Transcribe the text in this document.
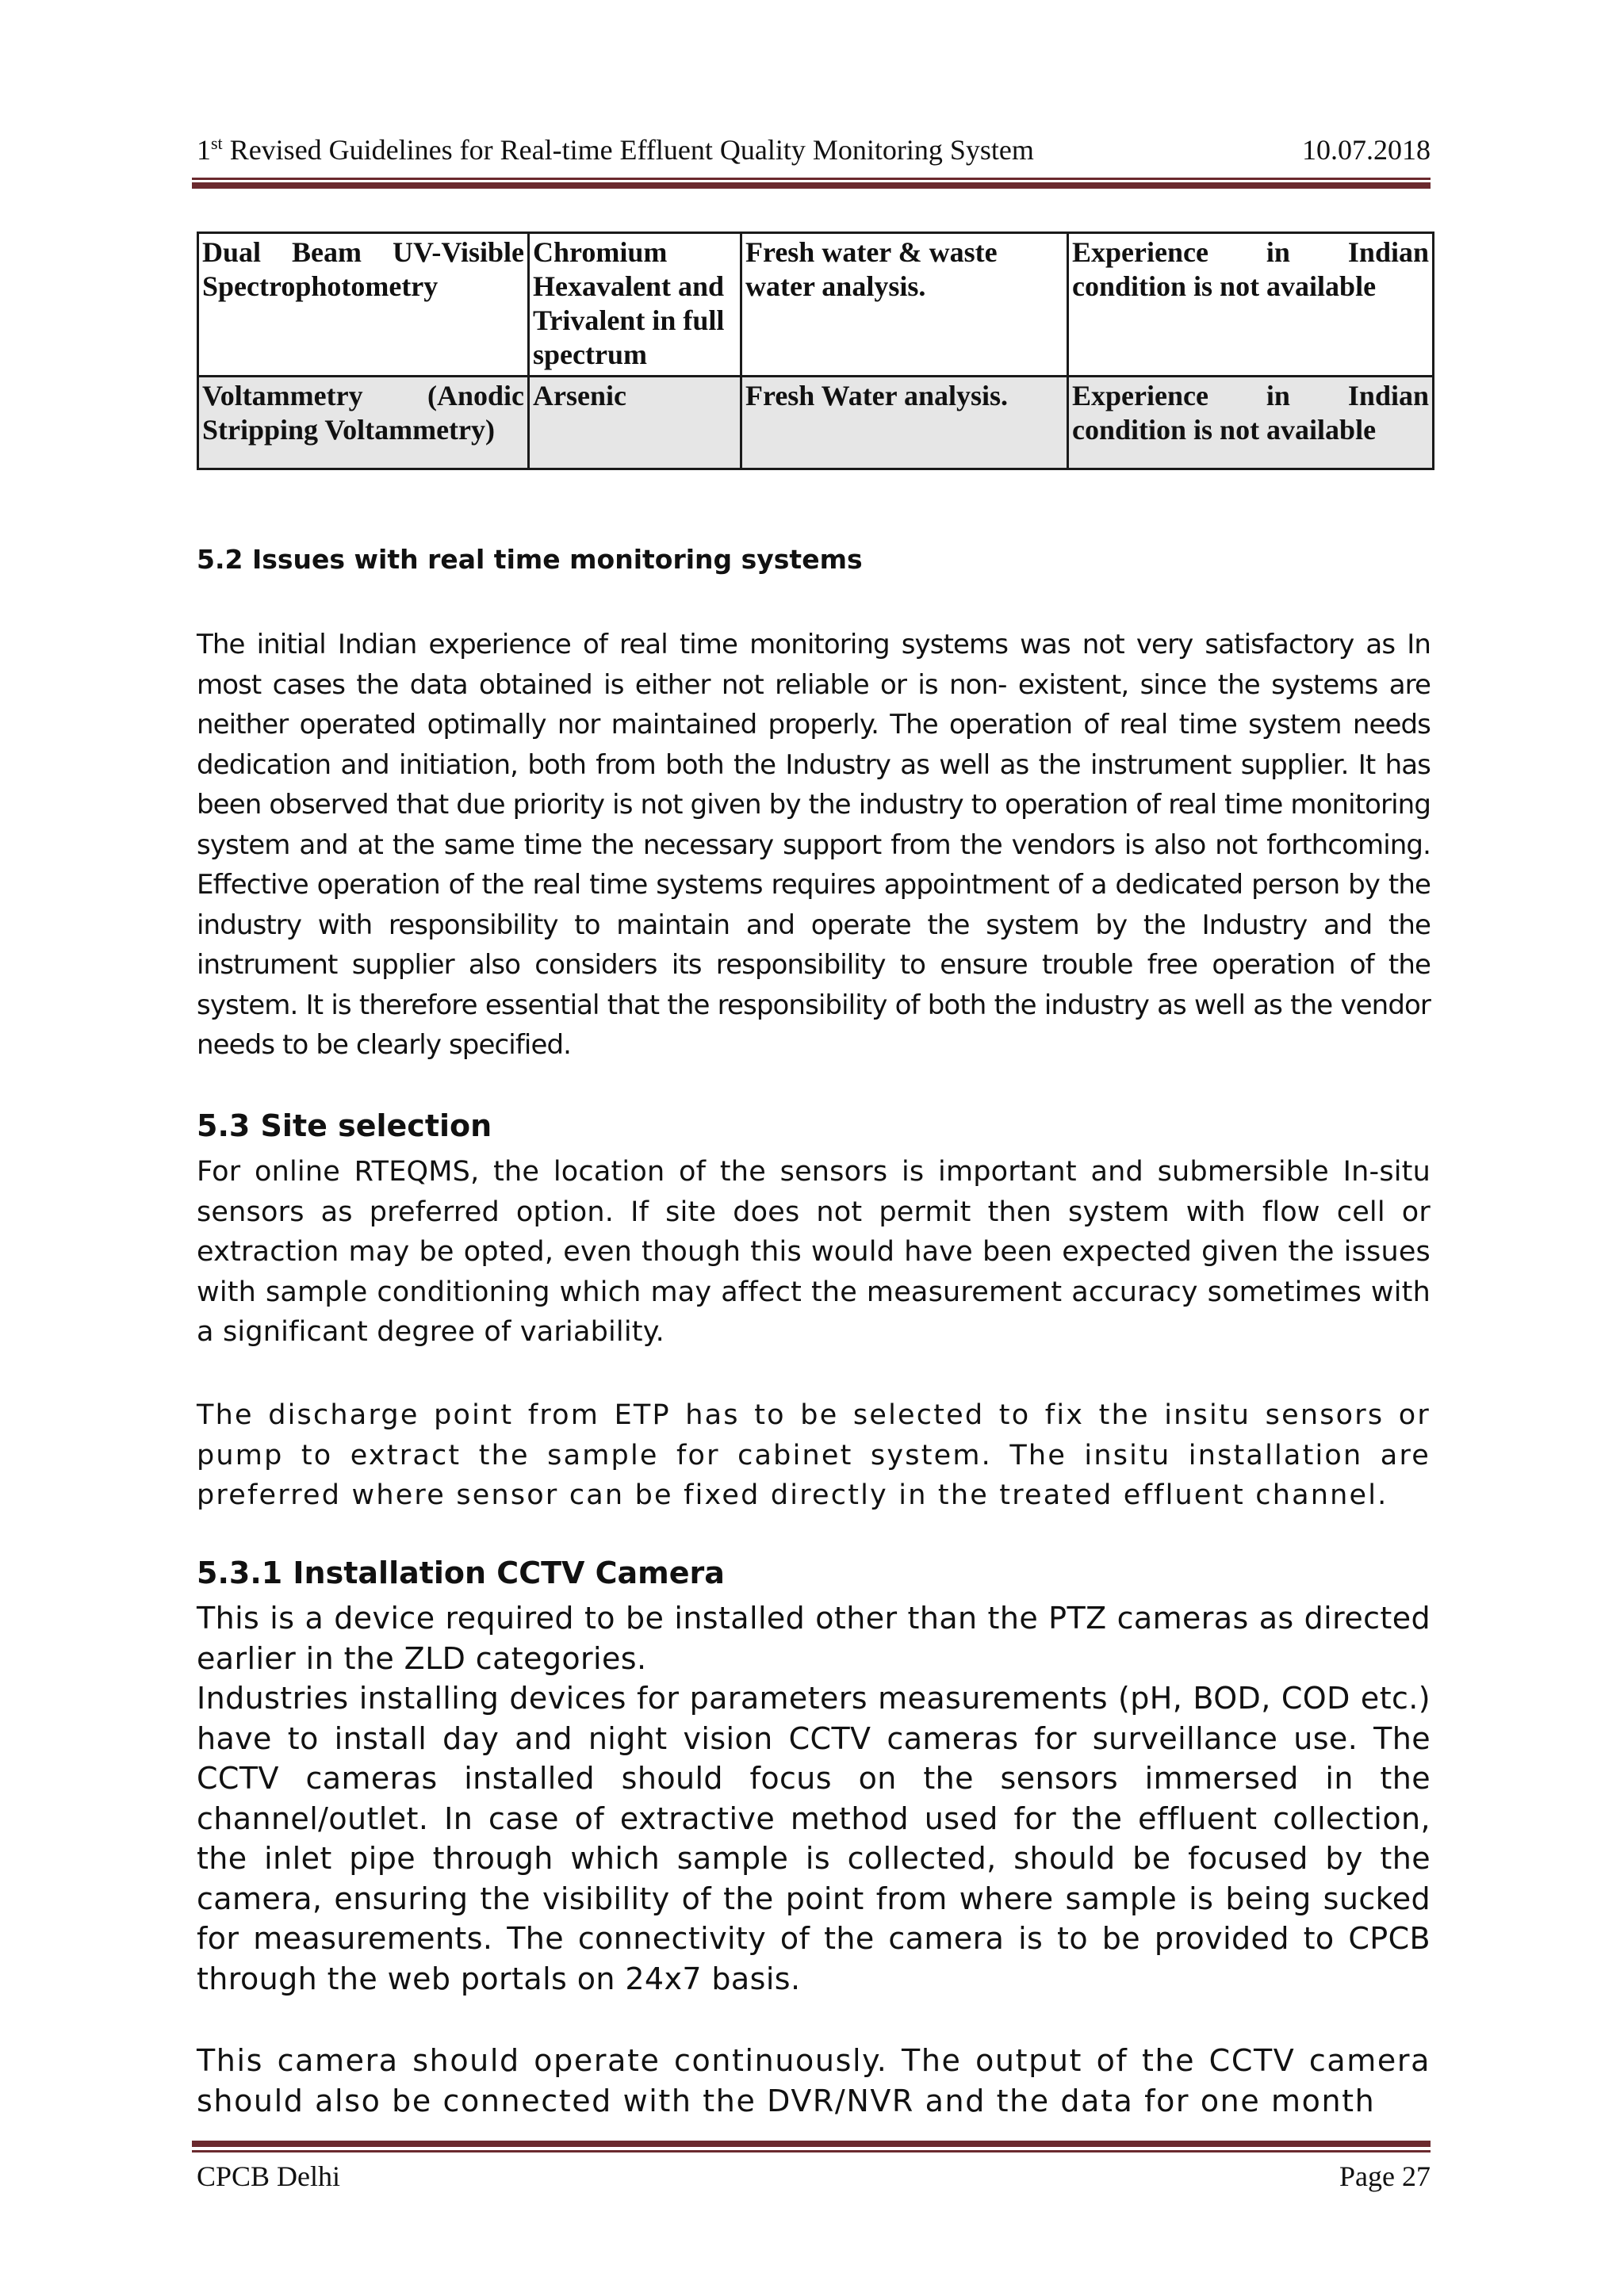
1st Revised Guidelines for Real-time Effluent Quality Monitoring System	10.07.2018
Dual Beam UV-Visible Spectrophotometry	Chromium Hexavalent and Trivalent in full spectrum	Fresh water & waste water analysis.	Experience in Indian condition is not available
Voltammetry (Anodic Stripping Voltammetry)	Arsenic	Fresh Water analysis.	Experience in Indian condition is not available
5.2 Issues with real time monitoring systems

The initial Indian experience of real time monitoring systems was not very satisfactory as In most cases the data obtained is either not reliable or is non- existent, since the systems are neither operated optimally nor maintained properly. The operation of real time system needs dedication and initiation, both from both the Industry as well as the instrument supplier. It has been observed that due priority is not given by the industry to operation of real time monitoring system and at the same time the necessary support from the vendors is also not forthcoming. Effective operation of the real time systems requires appointment of a dedicated person by the industry with responsibility to maintain and operate the system by the Industry and the instrument supplier also considers its responsibility to ensure trouble free operation of the system. It is therefore essential that the responsibility of both the industry as well as the vendor needs to be clearly specified.

5.3 Site selection

For online RTEQMS, the location of the sensors is important and submersible In-situ sensors as preferred option. If site does not permit then system with flow cell or extraction may be opted, even though this would have been expected given the issues with sample conditioning which may affect the measurement accuracy sometimes with a significant degree of variability.

The discharge point from ETP has to be selected to fix the insitu sensors or pump to extract the sample for cabinet system. The insitu installation are preferred where sensor can be fixed directly in the treated effluent channel.

5.3.1 Installation CCTV Camera

This is a device required to be installed other than the PTZ cameras as directed earlier in the ZLD categories.

Industries installing devices for parameters measurements (pH, BOD, COD etc.) have to install day and night vision CCTV cameras for surveillance use. The CCTV cameras installed should focus on the sensors immersed in the channel/outlet. In case of extractive method used for the effluent collection, the inlet pipe through which sample is collected, should be focused by the camera, ensuring the visibility of the point from where sample is being sucked for measurements. The connectivity of the camera is to be provided to CPCB through the web portals on 24x7 basis.

This camera should operate continuously. The output of the CCTV camera should also be connected with the DVR/NVR and the data for one month

CPCB Delhi	Page 27
